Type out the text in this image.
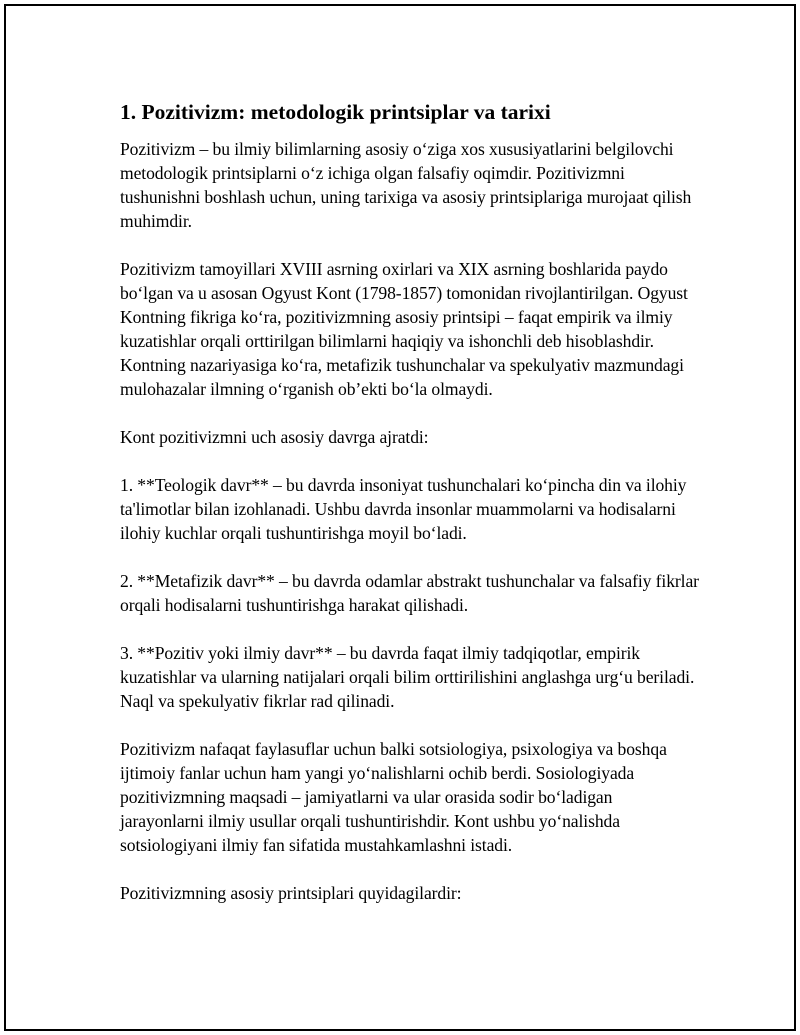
1. Pozitivizm: metodologik printsiplar va tarixi

Pozitivizm – bu ilmiy bilimlarning asosiy o‘ziga xos xususiyatlarini belgilovchi metodologik printsiplarni o‘z ichiga olgan falsafiy oqimdir. Pozitivizmni tushunishni boshlash uchun, uning tarixiga va asosiy printsiplariga murojaat qilish muhimdir.

Pozitivizm tamoyillari XVIII asrning oxirlari va XIX asrning boshlarida paydo bo‘lgan va u asosan Ogyust Kont (1798-1857) tomonidan rivojlantirilgan. Ogyust Kontning fikriga ko‘ra, pozitivizmning asosiy printsipi – faqat empirik va ilmiy kuzatishlar orqali orttirilgan bilimlarni haqiqiy va ishonchli deb hisoblashdir. Kontning nazariyasiga ko‘ra, metafizik tushunchalar va spekulyativ mazmundagi mulohazalar ilmning o‘rganish ob’ekti bo‘la olmaydi.

Kont pozitivizmni uch asosiy davrga ajratdi:

1. **Teologik davr** – bu davrda insoniyat tushunchalari ko‘pincha din va ilohiy ta'limotlar bilan izohlanadi. Ushbu davrda insonlar muammolarni va hodisalarni ilohiy kuchlar orqali tushuntirishga moyil bo‘ladi.

2. **Metafizik davr** – bu davrda odamlar abstrakt tushunchalar va falsafiy fikrlar orqali hodisalarni tushuntirishga harakat qilishadi.

3. **Pozitiv yoki ilmiy davr** – bu davrda faqat ilmiy tadqiqotlar, empirik kuzatishlar va ularning natijalari orqali bilim orttirilishini anglashga urg‘u beriladi. Naql va spekulyativ fikrlar rad qilinadi.

Pozitivizm nafaqat faylasuflar uchun balki sotsiologiya, psixologiya va boshqa ijtimoiy fanlar uchun ham yangi yo‘nalishlarni ochib berdi. Sosiologiyada pozitivizmning maqsadi – jamiyatlarni va ular orasida sodir bo‘ladigan jarayonlarni ilmiy usullar orqali tushuntirishdir. Kont ushbu yo‘nalishda sotsiologiyani ilmiy fan sifatida mustahkamlashni istadi.

Pozitivizmning asosiy printsiplari quyidagilardir:
